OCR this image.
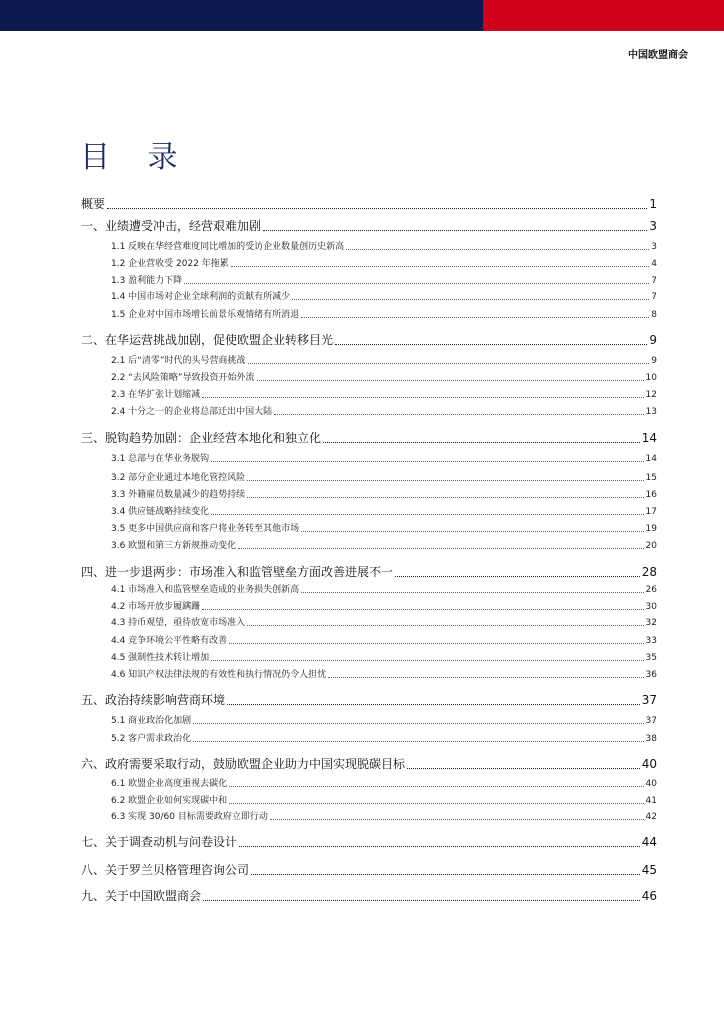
中国欧盟商会
目 录
概要	1
一、业绩遭受冲击，经营艰难加剧	3
1.1 反映在华经营难度同比增加的受访企业数量创历史新高	3
1.2 企业营收受 2022 年拖累	4
1.3 盈利能力下降	7
1.4 中国市场对企业全球利润的贡献有所减少	7
1.5 企业对中国市场增长前景乐观情绪有所消退	8
二、在华运营挑战加剧，促使欧盟企业转移目光	9
2.1 后“清零”时代的头号营商挑战	9
2.2 “去风险策略”导致投资开始外流	10
2.3 在华扩张计划缩减	12
2.4 十分之一的企业将总部迁出中国大陆	13
三、脱钩趋势加剧：企业经营本地化和独立化	14
3.1 总部与在华业务脱钩	14
3.2 部分企业通过本地化管控风险	15
3.3 外籍雇员数量减少的趋势持续	16
3.4 供应链战略持续变化	17
3.5 更多中国供应商和客户将业务转至其他市场	19
3.6 欧盟和第三方新规推动变化	20
四、进一步退两步：市场准入和监管壁垒方面改善进展不一	28
4.1 市场准入和监管壁垒造成的业务损失创新高	26
4.2 市场开放步履蹒跚	30
4.3 持币观望，亟待放宽市场准入	32
4.4 竞争环境公平性略有改善	33
4.5 强制性技术转让增加	35
4.6 知识产权法律法规的有效性和执行情况仍令人担忧	36
五、政治持续影响营商环境	37
5.1 商业政治化加剧	37
5.2 客户需求政治化	38
六、政府需要采取行动，鼓励欧盟企业助力中国实现脱碳目标	40
6.1 欧盟企业高度重视去碳化	40
6.2 欧盟企业如何实现碳中和	41
6.3 实现 30/60 目标需要政府立即行动	42
七、关于调查动机与问卷设计	44
八、关于罗兰贝格管理咨询公司	45
九、关于中国欧盟商会	46
